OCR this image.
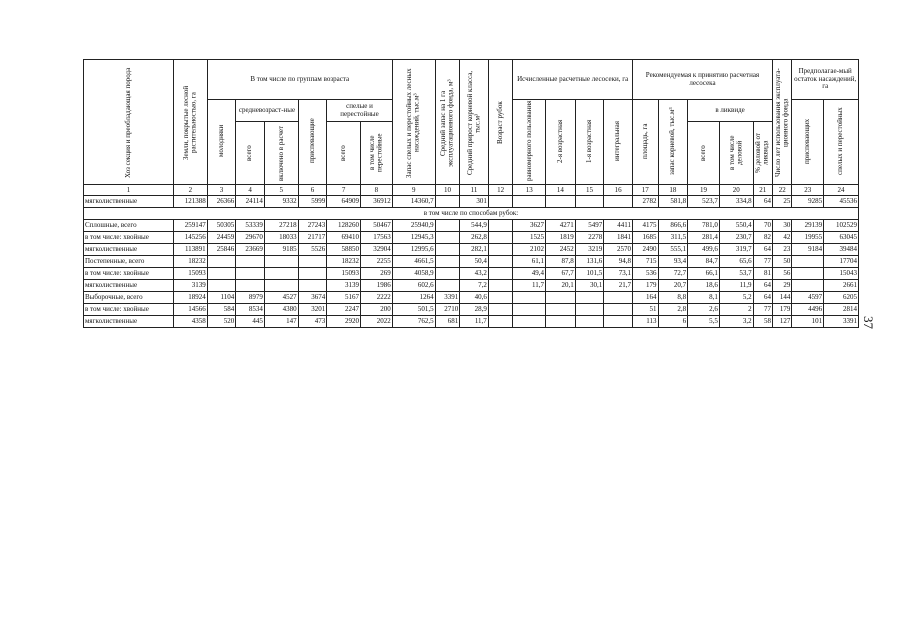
Хоз секция и преобладающая порода	Земли, покрытые лесной растительностью, га	В том числе по группам возраста						Запас спелых и перестойных лесных насаждений, тыс.м³	Средний запас на 1 га эксплуатационного фонда, м³	Средний прирост корневой класса, тыс.м³	Возраст рубок	Исчисленные расчетные лесосеки, га				Рекомендуемая к принятию расчетная лесосека					Число лет использования эксплуата-ционного фонда	Предполагае-мый остаток насаждений, га	
		молодняки	средневозраст-ные		приспевающие	спелые и перестойные						равномерного пользования	2-я возрастная	1-я возрастная	интегральная	площадь, га	запас корневой, тыс.м³	в ликвиде				приспевающих	спелых и перестойных
			всего	включено в расчет		всего	в том числе перестойные											всего	в том числе деловой	% деловой от ликвида			
1	2	3	4	5	6	7	8	9	10	11	12	13	14	15	16	17	18	19	20	21	22	23	24
мягколиственные	121388	26366	24114	9332	5999	64909	36912	14360,7		301						2782	581,8	523,7	334,8	64	25	9285	45536
в том числе по способам рубок:																							
Сплошные, всего	259147	50305	53339	27218	27243	128260	50467	25940,9		544,9		3627	4271	5497	4411	4175	866,6	781,0	550,4	70	30	29139	102529
в том числе: хвойные	145256	24459	29670	18033	21717	69410	17563	12945,3		262,8		1525	1819	2278	1841	1685	311,5	281,4	230,7	82	42	19955	63045
мягколиственные	113891	25846	23669	9185	5526	58850	32904	12995,6		282,1		2102	2452	3219	2570	2490	555,1	499,6	319,7	64	23	9184	39484
Постепенные, всего	18232					18232	2255	4661,5		50,4		61,1	87,8	131,6	94,8	715	93,4	84,7	65,6	77	50		17704
в том числе: хвойные	15093					15093	269	4058,9		43,2		49,4	67,7	101,5	73,1	536	72,7	66,1	53,7	81	56		15043
мягколиственные	3139					3139	1986	602,6		7,2		11,7	20,1	30,1	21,7	179	20,7	18,6	11,9	64	29		2661
Выборочные, всего	18924	1104	8979	4527	3674	5167	2222	1264	3391	40,6						164	8,8	8,1	5,2	64	144	4597	6205
в том числе: хвойные	14566	584	8534	4380	3201	2247	200	501,5	2710	28,9						51	2,8	2,6	2	77	179	4496	2814
мягколиственные	4358	520	445	147	473	2920	2022	762,5	681	11,7						113	6	5,5	3,2	58	127	101	3391 37
